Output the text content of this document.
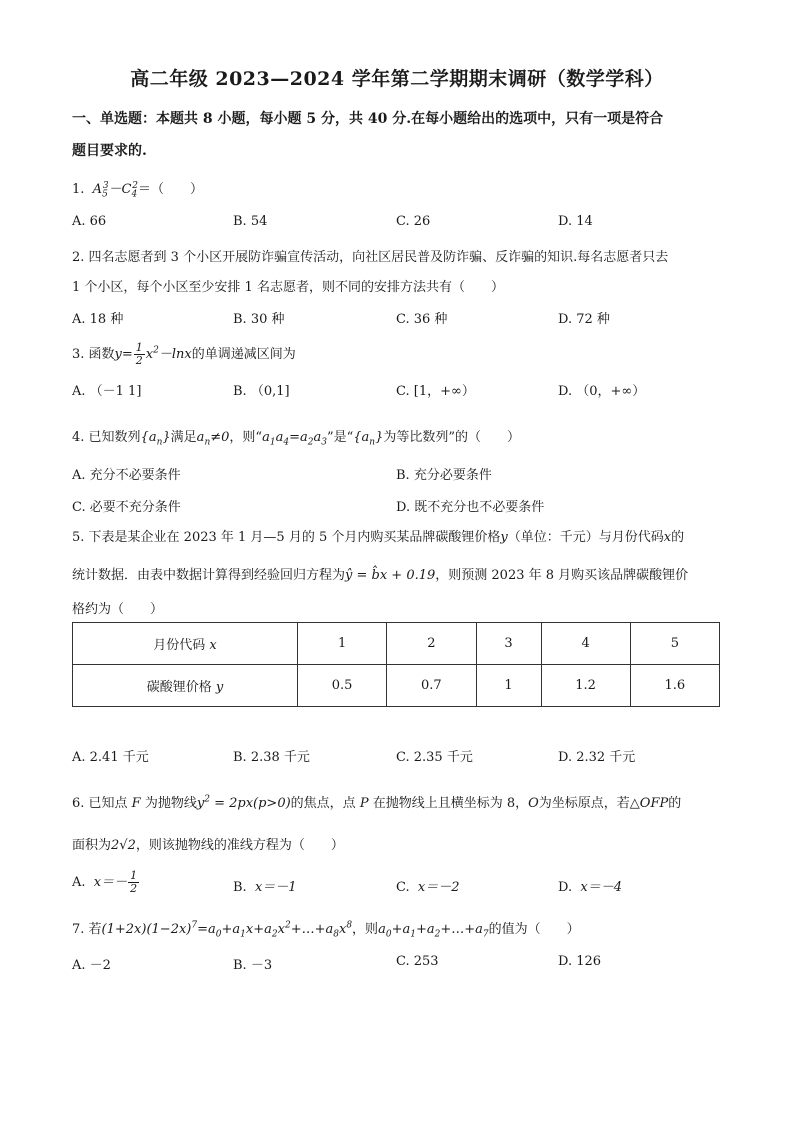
高二年级 2023—2024 学年第二学期期末调研（数学学科）
一、单选题：本题共 8 小题，每小题 5 分，共 40 分.在每小题给出的选项中，只有一项是符合
题目要求的.
1.  $A_5^3-C_4^2=$（　　）
A. 66	B. 54	C. 26	D. 14
2. 四名志愿者到 3 个小区开展防诈骗宣传活动，向社区居民普及防诈骗、反诈骗的知识.每名志愿者只去
1 个小区，每个小区至少安排 1 名志愿者，则不同的安排方法共有（　　）
A. 18 种	B. 30 种	C. 36 种	D. 72 种
3. 函数$y= \frac{1}{2} x^2-\ln x$的单调递减区间为
A. （－1 1]	B. （0,1]	C. [1，+∞）	D. （0，+∞）
4. 已知数列$\{a_n\}$满足$a_n\ne 0$，则“$a_1a_4=a_2a_3$”是“$\{a_n\}$为等比数列”的（　　）
A. 充分不必要条件	B. 充分必要条件
C. 必要不充分条件	D. 既不充分也不必要条件
5. 下表是某企业在 2023 年 1 月—5 月的 5 个月内购买某品牌碳酸锂价格y（单位：千元）与月份代码x的
统计数据．由表中数据计算得到经验回归方程为ŷ = b̂x + 0.19，则预测 2023 年 8 月购买该品牌碳酸锂价
格约为（　　）
月份代码 x	1	2	3	4	5
碳酸锂价格 y	0.5	0.7	1	1.2	1.6
A. 2.41 千元	B. 2.38 千元	C. 2.35 千元	D. 2.32 千元
6. 已知点 F 为抛物线$y^2 = 2px(p>0)$的焦点，点 P 在抛物线上且横坐标为 8，O为坐标原点，若△OFP的
面积为2√2，则该抛物线的准线方程为（　　）
A.  $x=- \frac{1}{2}$	B.  x＝－1	C.  x＝－2	D.  x＝－4
7. 若$(1+2x)(1-2x)^7=a_0+a_1x+a_2x^2+\dots+a_8x^8$，则$a_0+a_1+a_2+\dots+a_7$的值为（　　）
A. －2	B. －3	C. 253	D. 126
